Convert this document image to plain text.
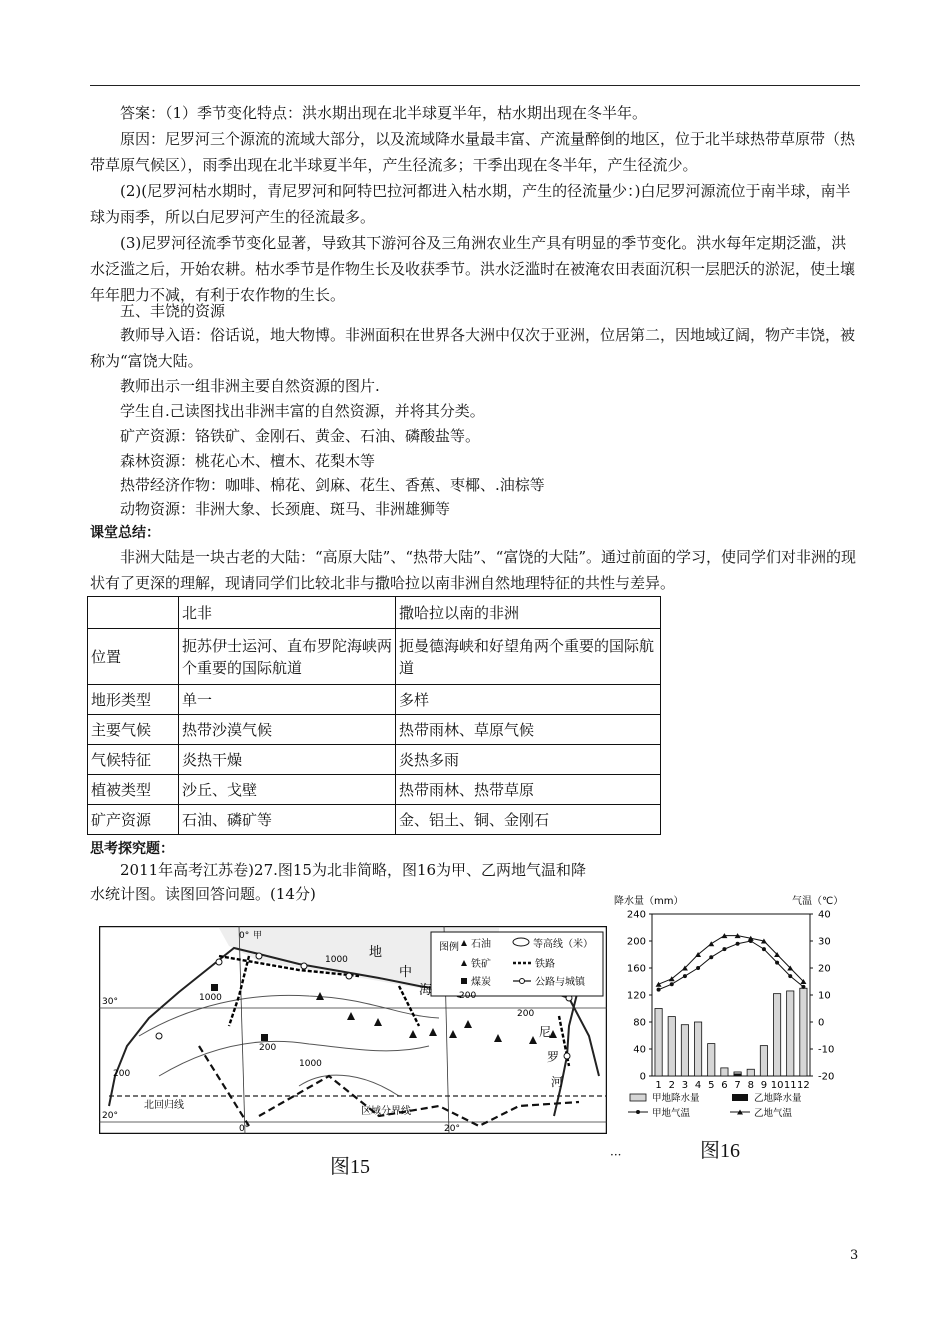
答案：（1）季节变化特点：洪水期出现在北半球夏半年，枯水期出现在冬半年。
原因：尼罗河三个源流的流域大部分，以及流域降水量最丰富、产流量醉倒的地区，位于北半球热带草原带（热带草原气候区），雨季出现在北半球夏半年，产生径流多；干季出现在冬半年，产生径流少。
(2)(尼罗河枯水期时，青尼罗河和阿特巴拉河都进入枯水期，产生的径流量少：)白尼罗河源流位于南半球，南半球为雨季，所以白尼罗河产生的径流最多。
(3)尼罗河径流季节变化显著，导致其下游河谷及三角洲农业生产具有明显的季节变化。洪水每年定期泛滥，洪水泛滥之后，开始农耕。枯水季节是作物生长及收获季节。洪水泛滥时在被淹农田表面沉积一层肥沃的淤泥，使土壤年年肥力不减，有利于农作物的生长。
五、丰饶的资源
教师导入语：俗话说，地大物博。非洲面积在世界各大洲中仅次于亚洲，位居第二，因地域辽阔，物产丰饶，被称为“富饶大陆。
教师出示一组非洲主要自然资源的图片.
学生自.己读图找出非洲丰富的自然资源，并将其分类。
矿产资源：铬铁矿、金刚石、黄金、石油、磷酸盐等。
森林资源：桃花心木、檀木、花梨木等
热带经济作物：咖啡、棉花、剑麻、花生、香蕉、枣椰、.油棕等
动物资源：非洲大象、长颈鹿、斑马、非洲雄狮等
课堂总结：
非洲大陆是一块古老的大陆：“高原大陆”、“热带大陆”、“富饶的大陆”。通过前面的学习，使同学们对非洲的现状有了更深的理解，现请同学们比较北非与撒哈拉以南非洲自然地理特征的共性与差异。
	北非	撒哈拉以南的非洲
位置	扼苏伊士运河、直布罗陀海峡两个重要的国际航道	扼曼德海峡和好望角两个重要的国际航道
地形类型	单一	多样
主要气候	热带沙漠气候	热带雨林、草原气候
气候特征	炎热干燥	炎热多雨
植被类型	沙丘、戈壁	热带雨林、热带草原
矿产资源	石油、磷矿等	金、铝土、铜、金刚石
思考探究题：
2011年高考江苏卷)27.图15为北非简略，图16为甲、乙两地气温和降水统计图。读图回答问题。(14分)
图例 石油	等高线（米）
铁矿	铁路
煤炭	公路与城镇
地
中
海
尼
罗
河
北回归线
区域分界线
0° 甲
30°
20°
0°	20°
1000
1000
1000
200
200
200
200
图15
···
降水量（mm）	气温（℃）
240
200
160
120
80
40
0
40
30
20
10
0
-10
-20
1 2 3 4 5 6 7 8 9 10 11 12
甲地降水量	乙地降水量
甲地气温	乙地气温
图16
3
